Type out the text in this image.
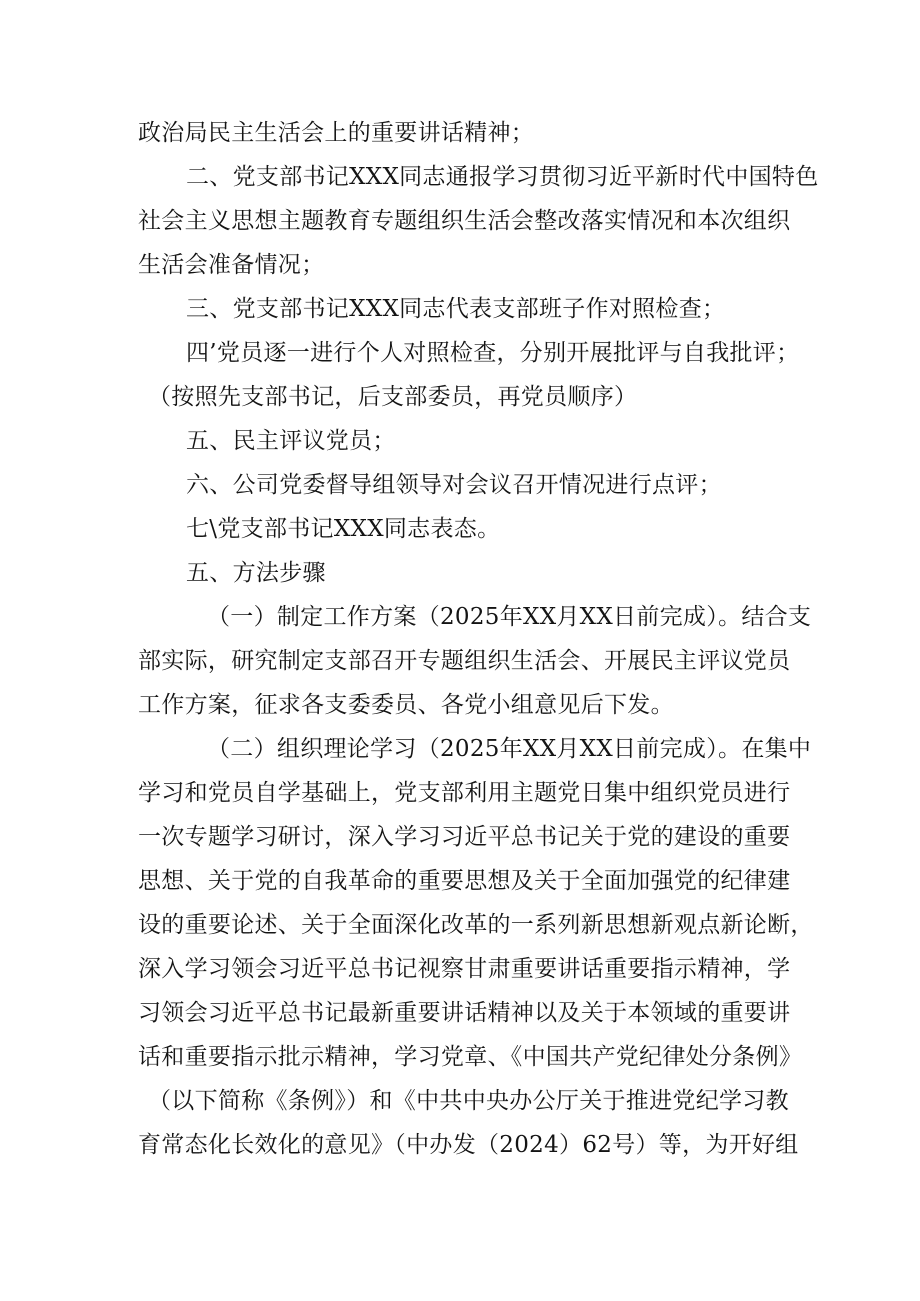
政治局民主生活会上的重要讲话精神；
二、党支部书记XXX同志通报学习贯彻习近平新时代中国特色
社会主义思想主题教育专题组织生活会整改落实情况和本次组织
生活会准备情况；
三、党支部书记XXX同志代表支部班子作对照检查；
四’党员逐一进行个人对照检查，分别开展批评与自我批评；
（按照先支部书记，后支部委员，再党员顺序）
五、民主评议党员；
六、公司党委督导组领导对会议召开情况进行点评；
七\党支部书记XXX同志表态。
五、方法步骤
（一）制定工作方案（2025年XX月XX日前完成）。结合支
部实际，研究制定支部召开专题组织生活会、开展民主评议党员
工作方案，征求各支委委员、各党小组意见后下发。
（二）组织理论学习（2025年XX月XX日前完成）。在集中
学习和党员自学基础上，党支部利用主题党日集中组织党员进行
一次专题学习研讨，深入学习习近平总书记关于党的建设的重要
思想、关于党的自我革命的重要思想及关于全面加强党的纪律建
设的重要论述、关于全面深化改革的一系列新思想新观点新论断，
深入学习领会习近平总书记视察甘肃重要讲话重要指示精神，学
习领会习近平总书记最新重要讲话精神以及关于本领域的重要讲
话和重要指示批示精神，学习党章、《中国共产党纪律处分条例》
（以下简称《条例》）和《中共中央办公厅关于推进党纪学习教
育常态化长效化的意见》（中办发（2024）62号）等，为开好组
